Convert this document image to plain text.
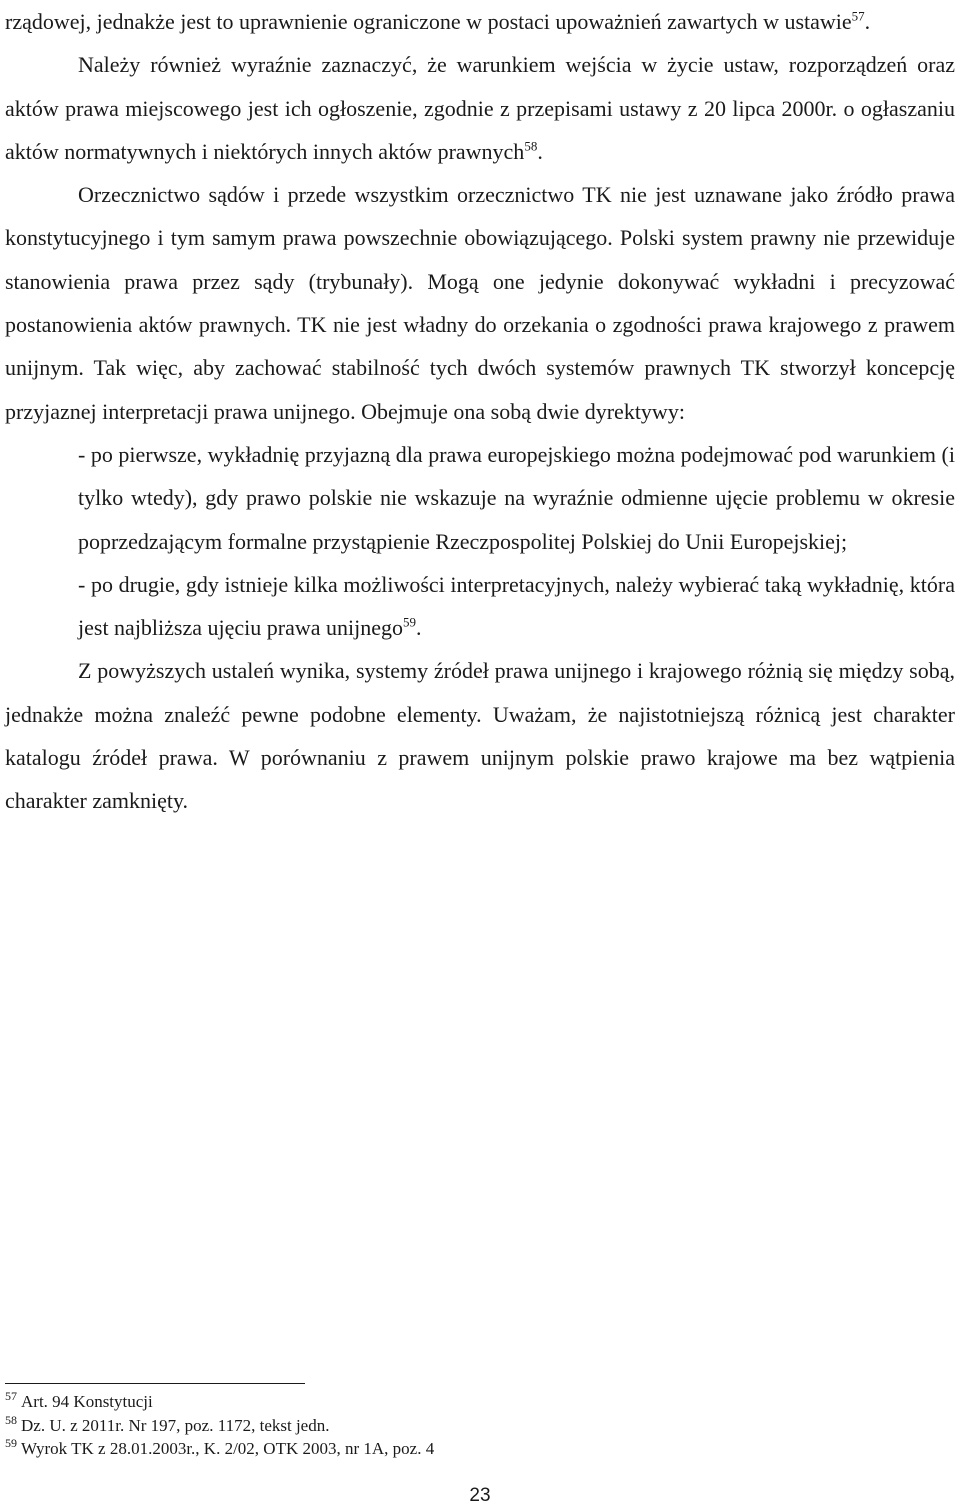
rządowej, jednakże jest to uprawnienie ograniczone w postaci upoważnień zawartych w ustawie$^{57}$.

Należy również wyraźnie zaznaczyć, że warunkiem wejścia w życie ustaw, rozporządzeń oraz aktów prawa miejscowego jest ich ogłoszenie, zgodnie z przepisami ustawy z 20 lipca 2000r. o ogłaszaniu aktów normatywnych i niektórych innych aktów prawnych$^{58}$.

Orzecznictwo sądów i przede wszystkim orzecznictwo TK nie jest uznawane jako źródło prawa konstytucyjnego i tym samym prawa powszechnie obowiązującego. Polski system prawny nie przewiduje stanowienia prawa przez sądy (trybunały). Mogą one jedynie dokonywać wykładni i precyzować postanowienia aktów prawnych. TK nie jest władny do orzekania o zgodności prawa krajowego z prawem unijnym. Tak więc, aby zachować stabilność tych dwóch systemów prawnych TK stworzył koncepcję przyjaznej interpretacji prawa unijnego. Obejmuje ona sobą dwie dyrektywy:

- po pierwsze, wykładnię przyjazną dla prawa europejskiego można podejmować pod warunkiem (i tylko wtedy), gdy prawo polskie nie wskazuje na wyraźnie odmienne ujęcie problemu w okresie poprzedzającym formalne przystąpienie Rzeczpospolitej Polskiej do Unii Europejskiej;

- po drugie, gdy istnieje kilka możliwości interpretacyjnych, należy wybierać taką wykładnię, która jest najbliższa ujęciu prawa unijnego$^{59}$.

Z powyższych ustaleń wynika, systemy źródeł prawa unijnego i krajowego różnią się między sobą, jednakże można znaleźć pewne podobne elementy. Uważam, że najistotniejszą różnicą jest charakter katalogu źródeł prawa. W porównaniu z prawem unijnym polskie prawo krajowe ma bez wątpienia charakter zamknięty.

$^{57}$ Art. 94 Konstytucji

$^{58}$ Dz. U. z 2011r. Nr 197, poz. 1172, tekst jedn.

$^{59}$ Wyrok TK z 28.01.2003r., K. 2/02, OTK 2003, nr 1A, poz. 4

23
